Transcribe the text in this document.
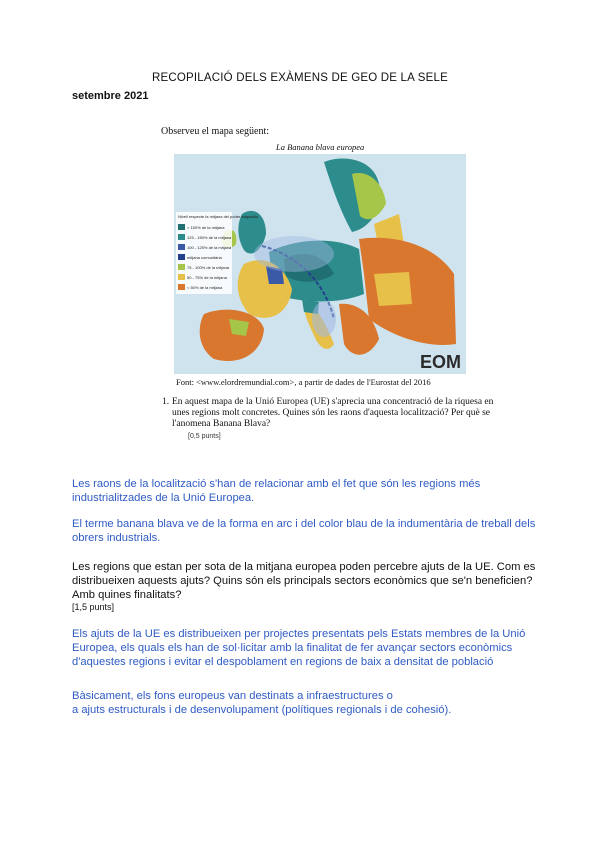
RECOPILACIÓ DELS EXÀMENS DE GEO DE LA SELE
setembre 2021
Observeu el mapa següent:
La Banana blava europea
Nivell respecte la mitjana del poder adquisitiu
> 150% de la mitjana
125 - 150% de la mitjana
100 - 125% de la mitjana
mitjana comunitària
75 - 100% de la mitjana
50 - 75% de la mitjana
< 50% de la mitjana
EOM
Font: <www.elordremundial.com>, a partir de dades de l'Eurostat del 2016
1. En aquest mapa de la Unió Europea (UE) s'aprecia una concentració de la riquesa en unes regions molt concretes. Quines són les raons d'aquesta localització? Per què se l'anomena Banana Blava?
[0,5 punts]
Les raons de la localització s'han de relacionar amb el fet que són les regions més industrialitzades de la Unió Europea.
El terme banana blava ve de la forma en arc i del color blau de la indumentària de treball dels obrers industrials.
Les regions que estan per sota de la mitjana europea poden percebre ajuts de la UE. Com es distribueixen aquests ajuts? Quins són els principals sectors econòmics que se'n beneficien? Amb quines finalitats?
[1,5 punts]
Els ajuts de la UE es distribueixen per projectes presentats pels Estats membres de la Unió Europea, els quals els han de sol·licitar amb la finalitat de fer avançar sectors econòmics d'aquestes regions i evitar el despoblament en regions de baix a densitat de població
Bàsicament, els fons europeus van destinats a infraestructures o
a ajuts estructurals i de desenvolupament (polítiques regionals i de cohesió).
